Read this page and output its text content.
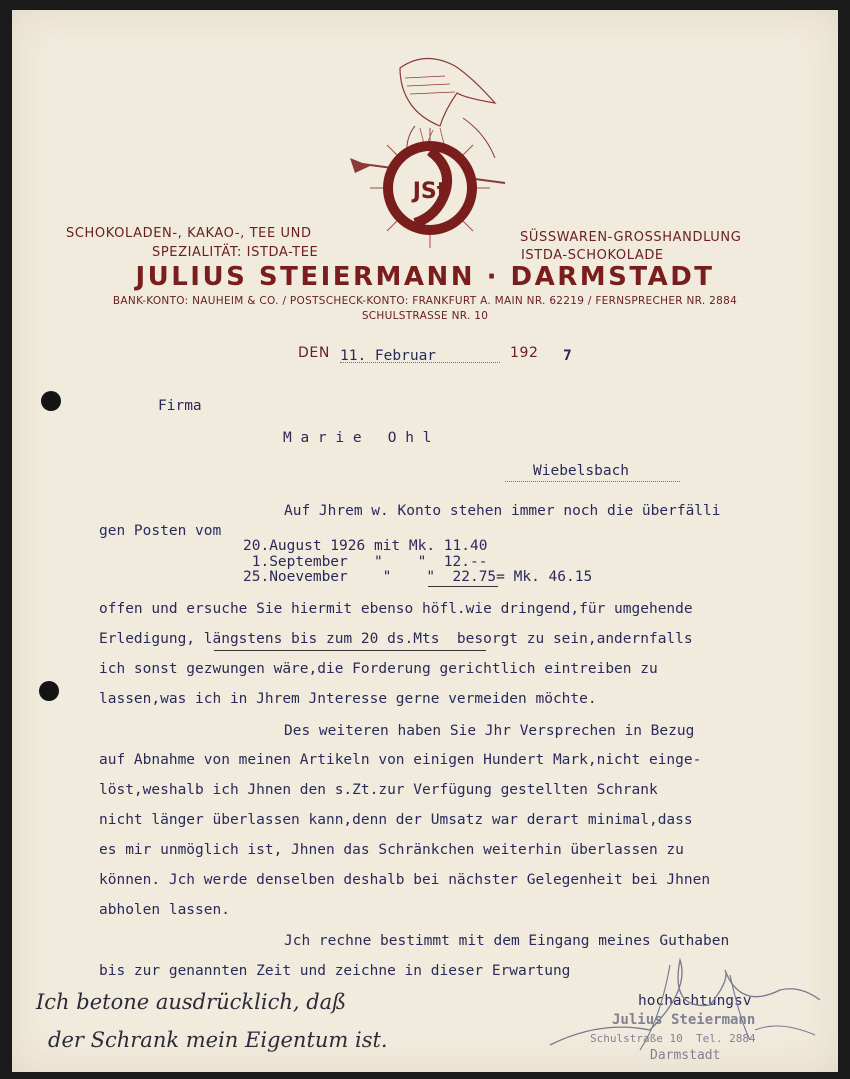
JSt
SCHOKOLADEN-, KAKAO-, TEE UND
SPEZIALITÄT: ISTDA-TEE
SÜSSWAREN-GROSSHANDLUNG
ISTDA-SCHOKOLADE
JULIUS STEIERMANN · DARMSTADT
BANK-KONTO: NAUHEIM & CO. / POSTSCHECK-KONTO: FRANKFURT A. MAIN NR. 62219 / FERNSPRECHER NR. 2884
SCHULSTRASSE NR. 10
DEN 11. Februar	192 7
Firma
M a r i e   O h l
Wiebelsbach
Auf Jhrem w. Konto stehen immer noch die überfälli
gen Posten vom
20.August 1926 mit Mk. 11.40
1.September   "    "  12.--
25.Noevember    "    "  22.75= Mk. 46.15
offen und ersuche Sie hiermit ebenso höfl.wie dringend,für umgehende
Erledigung, längstens bis zum 20 ds.Mts  besorgt zu sein,andernfalls
ich sonst gezwungen wäre,die Forderung gerichtlich eintreiben zu
lassen,was ich in Jhrem Jnteresse gerne vermeiden möchte.
Des weiteren haben Sie Jhr Versprechen in Bezug
auf Abnahme von meinen Artikeln von einigen Hundert Mark,nicht einge-
löst,weshalb ich Jhnen den s.Zt.zur Verfügung gestellten Schrank
nicht länger überlassen kann,denn der Umsatz war derart minimal,dass
es mir unmöglich ist, Jhnen das Schränkchen weiterhin überlassen zu
können. Jch werde denselben deshalb bei nächster Gelegenheit bei Jhnen
abholen lassen.
Jch rechne bestimmt mit dem Eingang meines Guthaben
bis zur genannten Zeit und zeichne in dieser Erwartung
hochachtungsv
Julius Steiermann
Schulstraße 10  Tel. 2884
Darmstadt
Ich betone ausdrücklich, daß
der Schrank mein Eigentum ist.
